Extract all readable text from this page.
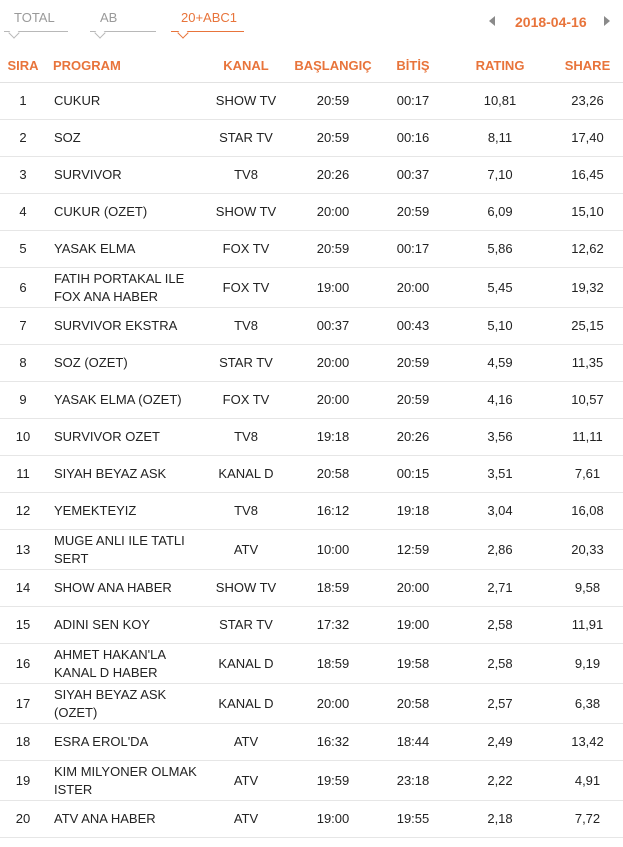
TOTAL	AB	20+ABC1	2018-04-16
SIRA	PROGRAM	KANAL	BAŞLANGIÇ	BİTİŞ	RATING	SHARE
1	CUKUR	SHOW TV	20:59	00:17	10,81	23,26
2	SOZ	STAR TV	20:59	00:16	8,11	17,40
3	SURVIVOR	TV8	20:26	00:37	7,10	16,45
4	CUKUR (OZET)	SHOW TV	20:00	20:59	6,09	15,10
5	YASAK ELMA	FOX TV	20:59	00:17	5,86	12,62
6	FATIH PORTAKAL ILE FOX ANA HABER	FOX TV	19:00	20:00	5,45	19,32
7	SURVIVOR EKSTRA	TV8	00:37	00:43	5,10	25,15
8	SOZ (OZET)	STAR TV	20:00	20:59	4,59	11,35
9	YASAK ELMA (OZET)	FOX TV	20:00	20:59	4,16	10,57
10	SURVIVOR OZET	TV8	19:18	20:26	3,56	11,11
11	SIYAH BEYAZ ASK	KANAL D	20:58	00:15	3,51	7,61
12	YEMEKTEYIZ	TV8	16:12	19:18	3,04	16,08
13	MUGE ANLI ILE TATLI SERT	ATV	10:00	12:59	2,86	20,33
14	SHOW ANA HABER	SHOW TV	18:59	20:00	2,71	9,58
15	ADINI SEN KOY	STAR TV	17:32	19:00	2,58	11,91
16	AHMET HAKAN'LA KANAL D HABER	KANAL D	18:59	19:58	2,58	9,19
17	SIYAH BEYAZ ASK (OZET)	KANAL D	20:00	20:58	2,57	6,38
18	ESRA EROL'DA	ATV	16:32	18:44	2,49	13,42
19	KIM MILYONER OLMAK ISTER	ATV	19:59	23:18	2,22	4,91
20	ATV ANA HABER	ATV	19:00	19:55	2,18	7,72
